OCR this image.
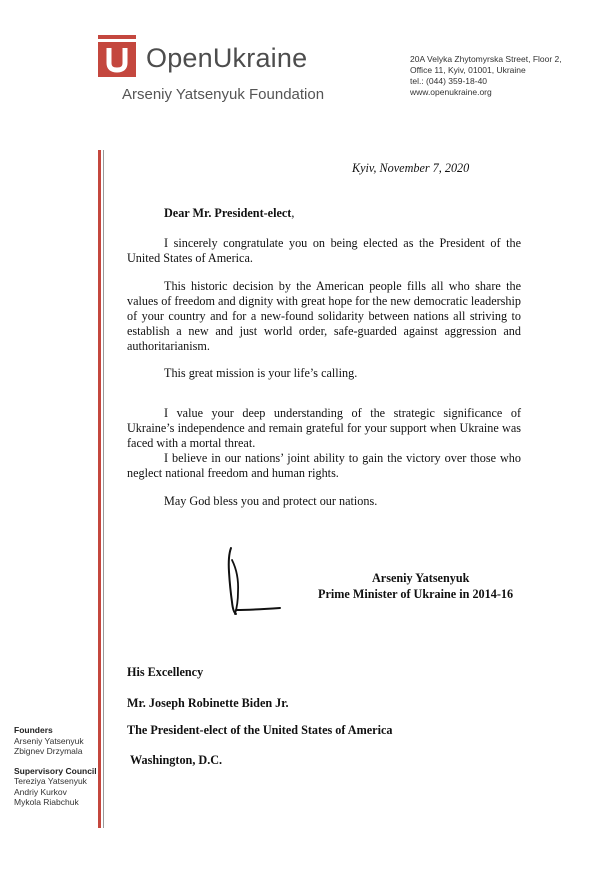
OpenUkraine
Arseniy Yatsenyuk Foundation
20A Velyka Zhytomyrska Street, Floor 2,
Office 11, Kyiv, 01001, Ukraine
tel.: (044) 359-18-40
www.openukraine.org

Kyiv, November 7, 2020

Dear Mr. President-elect,

I sincerely congratulate you on being elected as the President of the United States of America.

This historic decision by the American people fills all who share the values of freedom and dignity with great hope for the new democratic leadership of your country and for a new-found solidarity between nations all striving to establish a new and just world order, safe-guarded against aggression and authoritarianism.

This great mission is your life’s calling.

I value your deep understanding of the strategic significance of Ukraine’s independence and remain grateful for your support when Ukraine was faced with a mortal threat.

I believe in our nations’ joint ability to gain the victory over those who neglect national freedom and human rights.

May God bless you and protect our nations.

Arseniy Yatsenyuk

Prime Minister of Ukraine in 2014-16

His Excellency

Mr. Joseph Robinette Biden Jr.

The President-elect of the United States of America

Washington, D.C.

Founders
Arseniy Yatsenyuk
Zbignev Drzymala
Supervisory Council
Tereziya Yatsenyuk
Andriy Kurkov
Mykola Riabchuk
